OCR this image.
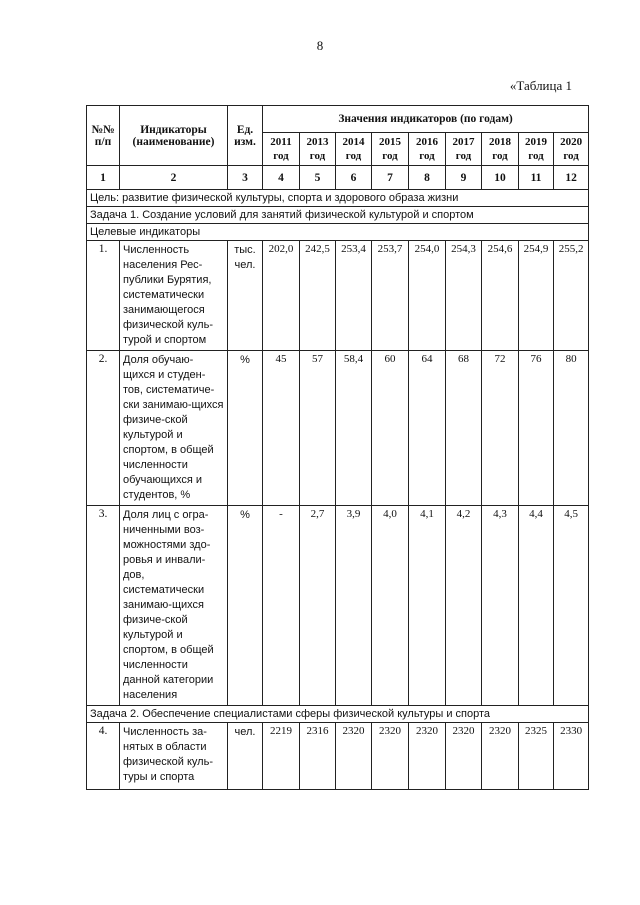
8
«Таблица 1
№№ п/п	Индикаторы (наименование)	Ед. изм.	Значения индикаторов (по годам)								
			2011 год	2013 год	2014 год	2015 год	2016 год	2017 год	2018 год	2019 год	2020 год
1	2	3	4	5	6	7	8	9	10	11	12
Цель: развитие физической культуры, спорта и здорового образа жизни											
Задача 1. Создание условий для занятий физической культурой и спортом											
Целевые индикаторы											
1.	Численность населения Рес-публики Бурятия, систематически занимающегося физической куль-турой и спортом	тыс. чел.	202,0	242,5	253,4	253,7	254,0	254,3	254,6	254,9	255,2
2.	Доля обучаю-щихся и студен-тов, систематиче-ски занимаю-щихся физиче-ской культурой и спортом, в общей численности обучающихся и студентов, %	%	45	57	58,4	60	64	68	72	76	80
3.	Доля лиц с огра-ниченными воз-можностями здо-ровья и инвали-дов, систематически занимаю-щихся физиче-ской культурой и спортом, в общей численности данной категории населения	%	-	2,7	3,9	4,0	4,1	4,2	4,3	4,4	4,5
Задача 2. Обеспечение специалистами сферы физической культуры и спорта											
4.	Численность за-нятых в области физической куль-туры и спорта	чел.	2219	2316	2320	2320	2320	2320	2320	2325	2330
